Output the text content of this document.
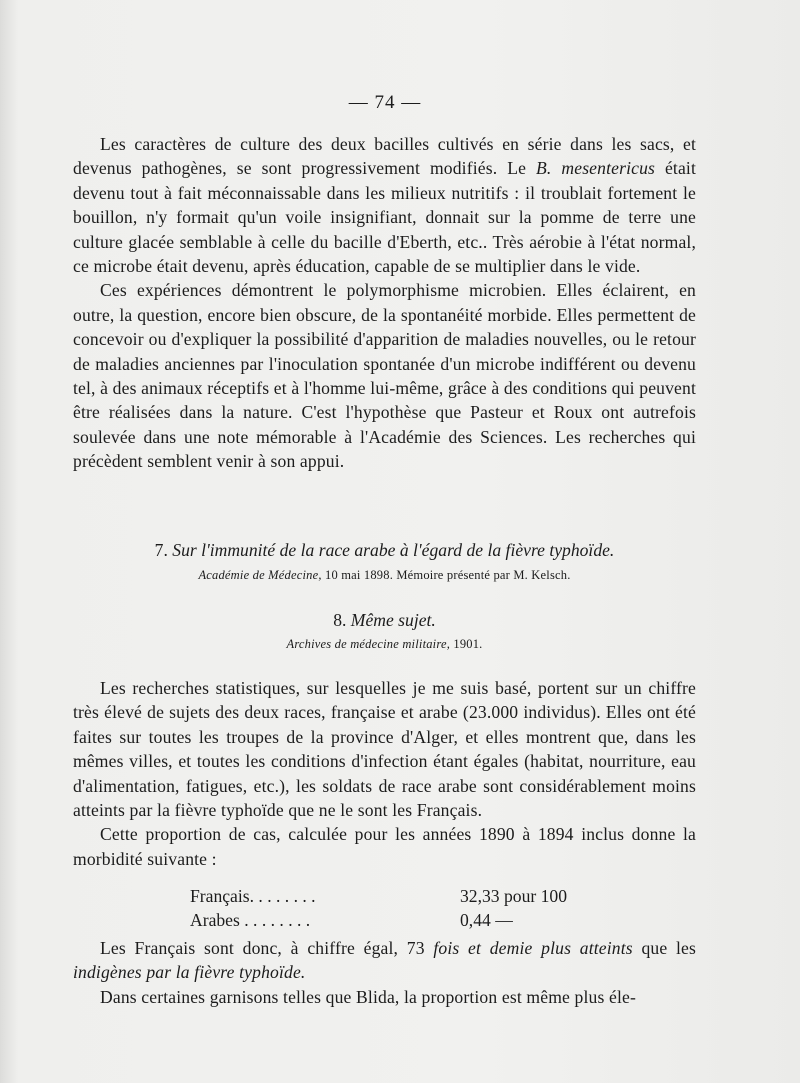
— 74 —

Les caractères de culture des deux bacilles cultivés en série dans les sacs, et devenus pathogènes, se sont progressivement modifiés. Le B. mesentericus était devenu tout à fait méconnaissable dans les milieux nutritifs : il troublait fortement le bouillon, n'y formait qu'un voile insignifiant, donnait sur la pomme de terre une culture glacée semblable à celle du bacille d'Eberth, etc.. Très aérobie à l'état normal, ce microbe était devenu, après éducation, capable de se multiplier dans le vide.

Ces expériences démontrent le polymorphisme microbien. Elles éclairent, en outre, la question, encore bien obscure, de la spontanéité morbide. Elles permettent de concevoir ou d'expliquer la possibilité d'apparition de maladies nouvelles, ou le retour de maladies anciennes par l'inoculation spontanée d'un microbe indifférent ou devenu tel, à des animaux réceptifs et à l'homme lui-même, grâce à des conditions qui peuvent être réalisées dans la nature. C'est l'hypothèse que Pasteur et Roux ont autrefois soulevée dans une note mémorable à l'Académie des Sciences. Les recherches qui précèdent semblent venir à son appui.

7. Sur l'immunité de la race arabe à l'égard de la fièvre typhoïde.
Académie de Médecine, 10 mai 1898. Mémoire présenté par M. Kelsch.
8. Même sujet.
Archives de médecine militaire, 1901.

Les recherches statistiques, sur lesquelles je me suis basé, portent sur un chiffre très élevé de sujets des deux races, française et arabe (23.000 individus). Elles ont été faites sur toutes les troupes de la province d'Alger, et elles montrent que, dans les mêmes villes, et toutes les conditions d'infection étant égales (habitat, nourriture, eau d'alimentation, fatigues, etc.), les soldats de race arabe sont considérablement moins atteints par la fièvre typhoïde que ne le sont les Français.

Cette proportion de cas, calculée pour les années 1890 à 1894 inclus donne la morbidité suivante :

Français. . . . . . . .	32,33 pour 100
Arabes . . . . . . . .	0,44 —

Les Français sont donc, à chiffre égal, 73 fois et demie plus atteints que les indigènes par la fièvre typhoïde.

Dans certaines garnisons telles que Blida, la proportion est même plus éle-
